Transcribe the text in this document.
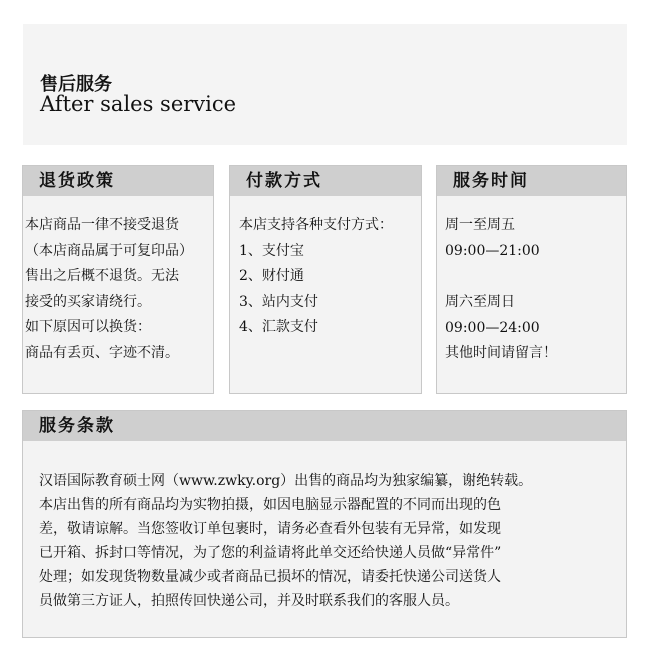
售后服务
After sales service
退货政策
本店商品一律不接受退货
（本店商品属于可复印品）
售出之后概不退货。无法
接受的买家请绕行。
如下原因可以换货：
商品有丢页、字迹不清。
付款方式
本店支持各种支付方式：
1、支付宝
2、财付通
3、站内支付
4、汇款支付
服务时间
周一至周五
09:00—21:00
周六至周日
09:00—24:00
其他时间请留言！
服务条款
汉语国际教育硕士网（www.zwky.org）出售的商品均为独家编纂，谢绝转载。
本店出售的所有商品均为实物拍摄，如因电脑显示器配置的不同而出现的色
差，敬请谅解。当您签收订单包裹时，请务必查看外包装有无异常，如发现
已开箱、拆封口等情况，为了您的利益请将此单交还给快递人员做“异常件”
处理；如发现货物数量减少或者商品已损坏的情况，请委托快递公司送货人
员做第三方证人，拍照传回快递公司，并及时联系我们的客服人员。
